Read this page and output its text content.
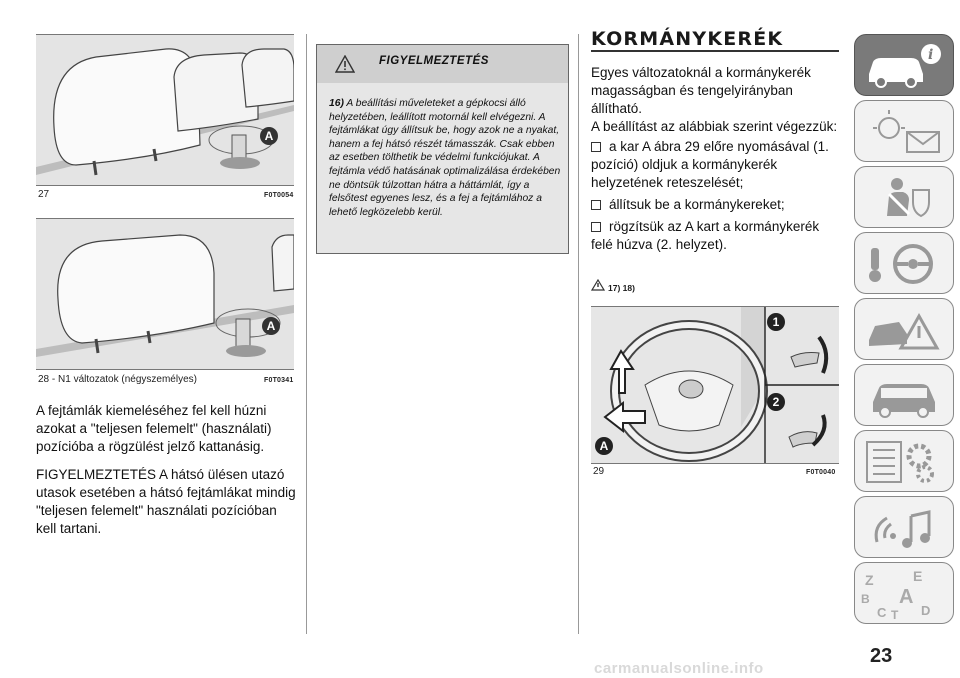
A
27	F0T0054
A
28 - N1 változatok (négyszemélyes)	F0T0341

A fejtámlák kiemeléséhez fel kell húzni azokat a "teljesen felemelt" (használati) pozícióba a rögzülést jelző kattanásig.

FIGYELMEZTETÉS A hátsó ülésen utazó utasok esetében a hátsó fejtámlákat mindig "teljesen felemelt" használati pozícióban kell tartani.

FIGYELMEZTETÉS
16) A beállítási műveleteket a gépkocsi álló helyzetében, leállított motornál kell elvégezni. A fejtámlákat úgy állítsuk be, hogy azok ne a nyakat, hanem a fej hátsó részét támasszák. Csak ebben az esetben tölthetik be védelmi funkciójukat. A fejtámla védő hatásának optimalizálása érdekében ne döntsük túlzottan hátra a háttámlát, így a felsőtest egyenes lesz, és a fej a fejtámlához a lehető legközelebb kerül.
KORMÁNYKERÉK
Egyes változatoknál a kormánykerék magasságban és tengelyirányban állítható.
A beállítást az alábbiak szerint végezzük:
a kar A ábra 29 előre nyomásával (1. pozíció) oldjuk a kormánykerék helyzetének reteszelését;
állítsuk be a kormánykereket;
rögzítsük az A kart a kormánykerék felé húzva (2. helyzet).
17) 18)
1
2
A
29	F0T0040
i
Z	E
B A
C	D
T
23
carmanualsonline.info
